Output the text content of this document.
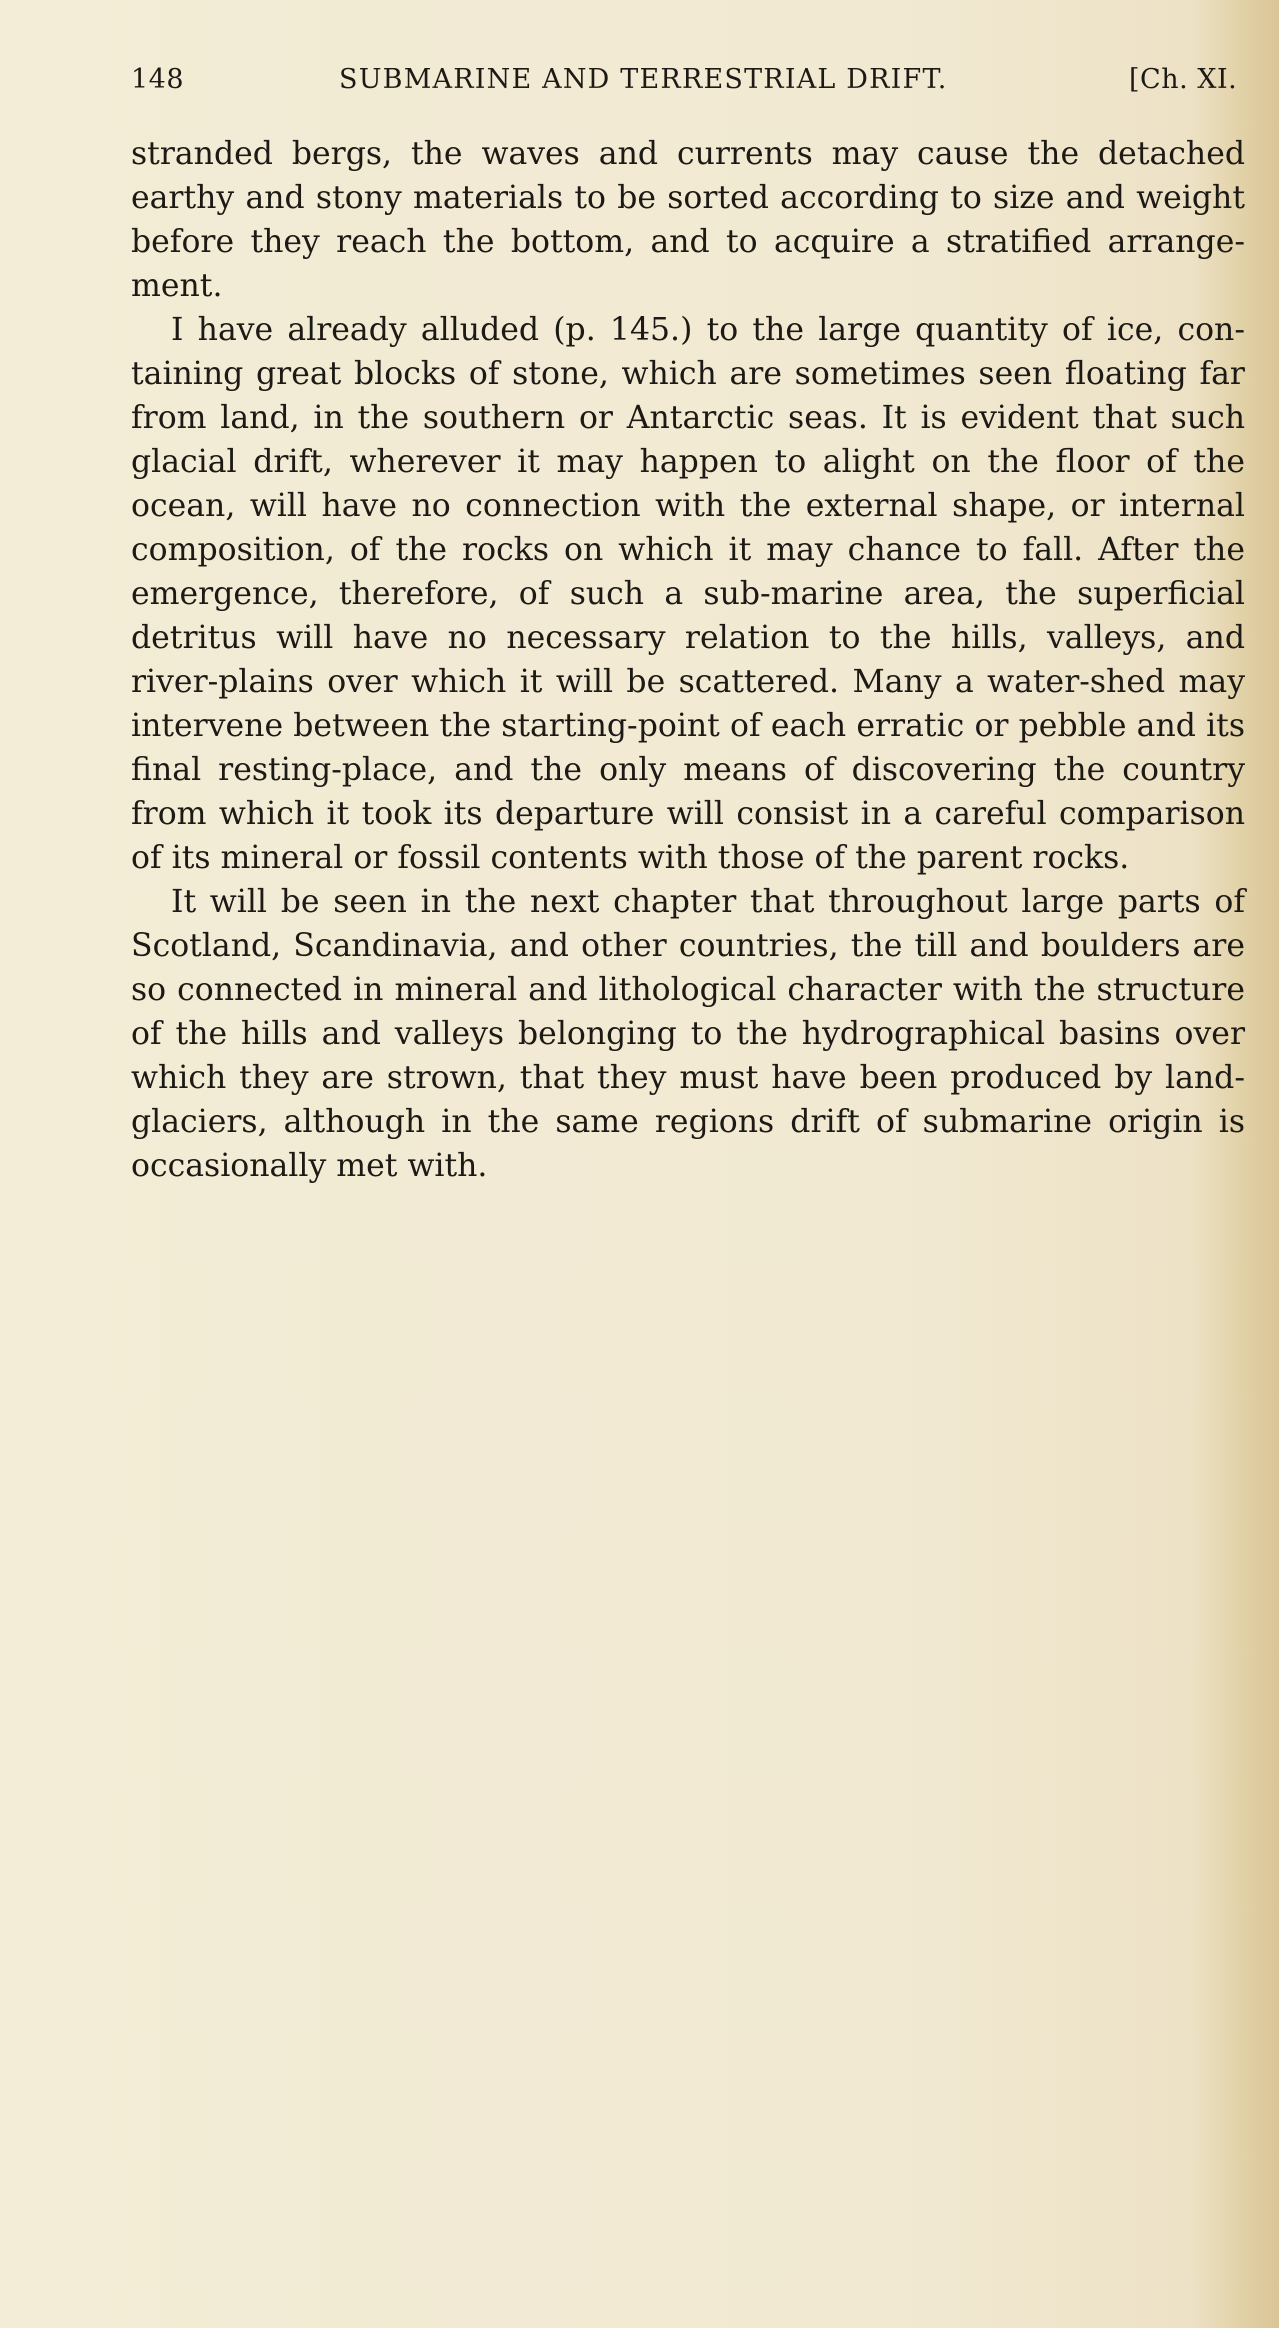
148	SUBMARINE AND TERRESTRIAL DRIFT.	[Ch. XI.

stranded bergs, the waves and currents may cause the detached earthy and stony materials to be sorted according to size and weight before they reach the bottom, and to acquire a stratified arrange-ment.

I have already alluded (p. 145.) to the large quantity of ice, con-taining great blocks of stone, which are sometimes seen floating far from land, in the southern or Antarctic seas. It is evident that such glacial drift, wherever it may happen to alight on the floor of the ocean, will have no connection with the external shape, or internal composition, of the rocks on which it may chance to fall. After the emergence, therefore, of such a sub-marine area, the superficial detritus will have no necessary relation to the hills, valleys, and river-plains over which it will be scattered. Many a water-shed may intervene between the starting-point of each erratic or pebble and its final resting-place, and the only means of discovering the country from which it took its departure will consist in a careful comparison of its mineral or fossil contents with those of the parent rocks.

It will be seen in the next chapter that throughout large parts of Scotland, Scandinavia, and other countries, the till and boulders are so connected in mineral and lithological character with the structure of the hills and valleys belonging to the hydrographical basins over which they are strown, that they must have been produced by land-glaciers, although in the same regions drift of submarine origin is occasionally met with.
